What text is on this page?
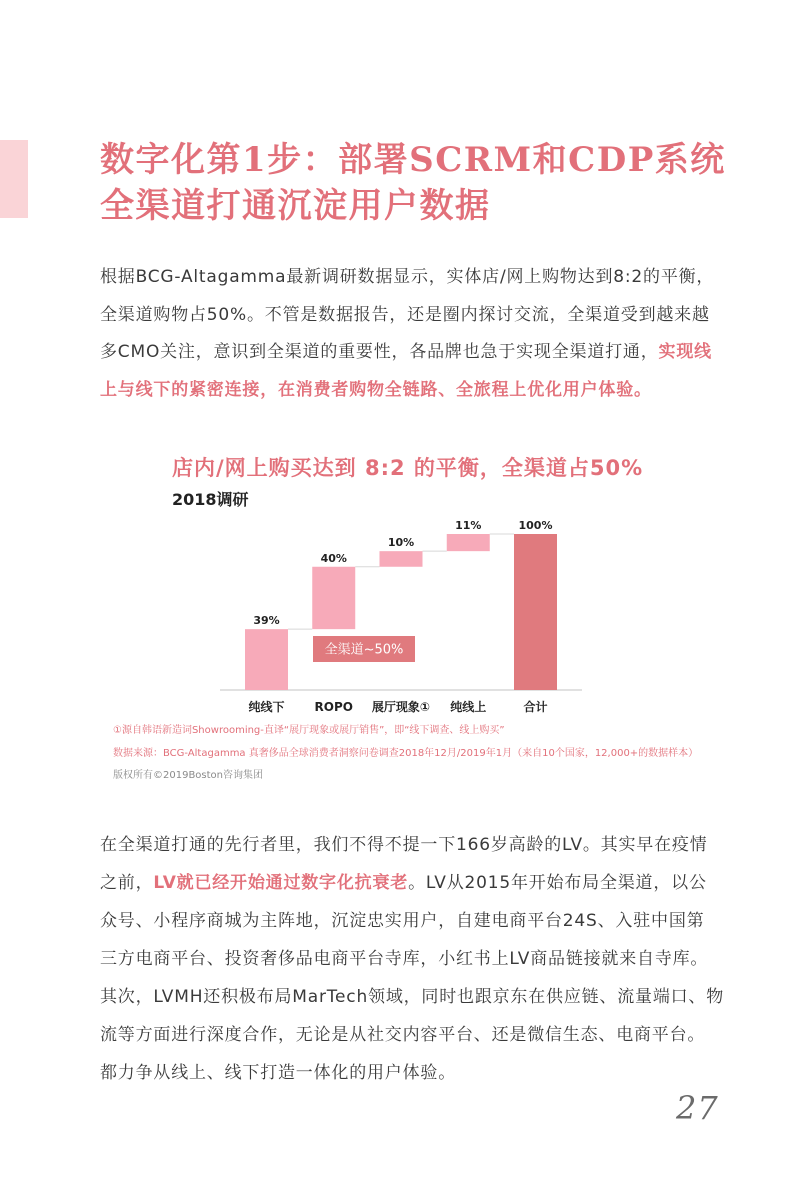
数字化第1步：部署SCRM和CDP系统
全渠道打通沉淀用户数据
根据BCG-Altagamma最新调研数据显示，实体店/网上购物达到8:2的平衡，
全渠道购物占50%。不管是数据报告，还是圈内探讨交流，全渠道受到越来越
多CMO关注，意识到全渠道的重要性，各品牌也急于实现全渠道打通，实现线
上与线下的紧密连接，在消费者购物全链路、全旅程上优化用户体验。
店内/网上购买达到 8:2 的平衡，全渠道占50%
2018调研
39%
纯线下
40%
ROPO
10%
展厅现象①
11%
纯线上
100%
合计
全渠道~50%
①源自韩语新造词Showrooming-直译“展厅现象或展厅销售”，即“线下调查、线上购买”
数据来源：BCG-Altagamma 真奢侈品全球消费者洞察问卷调查2018年12月/2019年1月（来自10个国家，12,000+的数据样本）
版权所有©2019Boston咨询集团
在全渠道打通的先行者里，我们不得不提一下166岁高龄的LV。其实早在疫情
之前，LV就已经开始通过数字化抗衰老。LV从2015年开始布局全渠道，以公
众号、小程序商城为主阵地，沉淀忠实用户，自建电商平台24S、入驻中国第
三方电商平台、投资奢侈品电商平台寺库，小红书上LV商品链接就来自寺库。
其次，LVMH还积极布局MarTech领域，同时也跟京东在供应链、流量端口、物
流等方面进行深度合作，无论是从社交内容平台、还是微信生态、电商平台。
都力争从线上、线下打造一体化的用户体验。
27
